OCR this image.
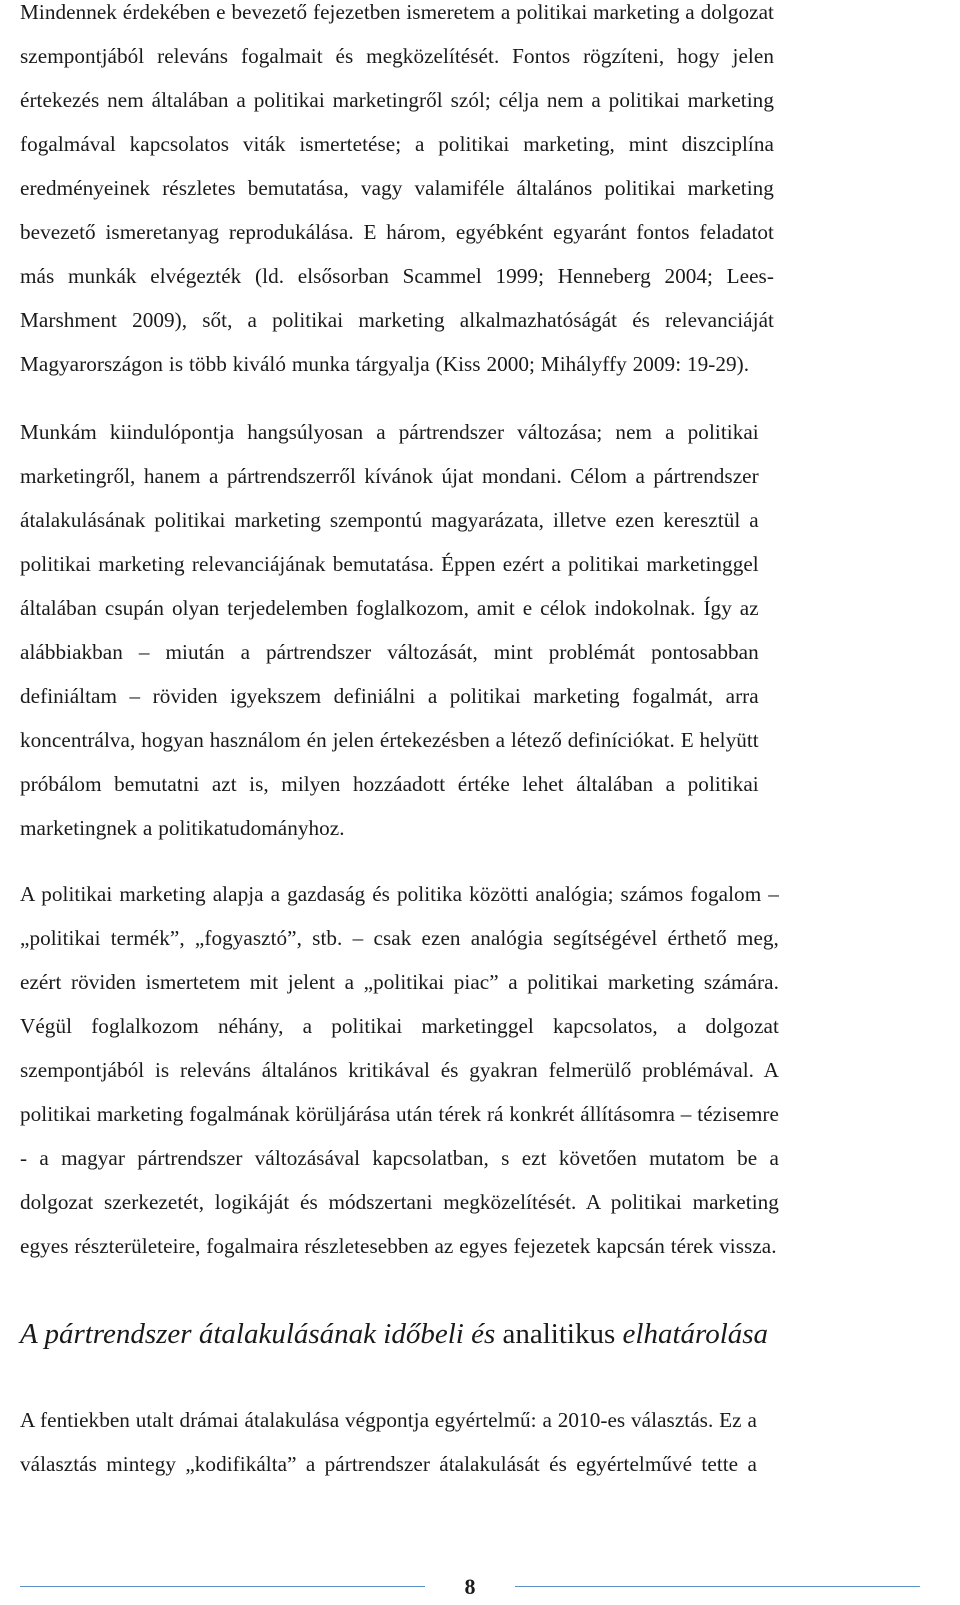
Mindennek érdekében e bevezető fejezetben ismeretem a politikai marketing a dolgozat
szempontjából releváns fogalmait és megközelítését. Fontos rögzíteni, hogy jelen
értekezés nem általában a politikai marketingről szól; célja nem a politikai marketing
fogalmával kapcsolatos viták ismertetése; a politikai marketing, mint diszciplína
eredményeinek részletes bemutatása, vagy valamiféle általános politikai marketing
bevezető ismeretanyag reprodukálása. E három, egyébként egyaránt fontos feladatot
más munkák elvégezték (ld. elsősorban Scammel 1999; Henneberg 2004; Lees-
Marshment 2009), sőt, a politikai marketing alkalmazhatóságát és relevanciáját
Magyarországon is több kiváló munka tárgyalja (Kiss 2000; Mihályffy 2009: 19-29).
Munkám kiindulópontja hangsúlyosan a pártrendszer változása; nem a politikai
marketingről, hanem a pártrendszerről kívánok újat mondani. Célom a pártrendszer
átalakulásának politikai marketing szempontú magyarázata, illetve ezen keresztül a
politikai marketing relevanciájának bemutatása. Éppen ezért a politikai marketinggel
általában csupán olyan terjedelemben foglalkozom, amit e célok indokolnak. Így az
alábbiakban – miután a pártrendszer változását, mint problémát pontosabban
definiáltam – röviden igyekszem definiálni a politikai marketing fogalmát, arra
koncentrálva, hogyan használom én jelen értekezésben a létező definíciókat. E helyütt
próbálom bemutatni azt is, milyen hozzáadott értéke lehet általában a politikai
marketingnek a politikatudományhoz.
A politikai marketing alapja a gazdaság és politika közötti analógia; számos fogalom –
„politikai termék”, „fogyasztó”, stb. – csak ezen analógia segítségével érthető meg,
ezért röviden ismertetem mit jelent a „politikai piac” a politikai marketing számára.
Végül foglalkozom néhány, a politikai marketinggel kapcsolatos, a dolgozat
szempontjából is releváns általános kritikával és gyakran felmerülő problémával. A
politikai marketing fogalmának körüljárása után térek rá konkrét állításomra – tézisemre
- a magyar pártrendszer változásával kapcsolatban, s ezt követően mutatom be a
dolgozat szerkezetét, logikáját és módszertani megközelítését. A politikai marketing
egyes részterületeire, fogalmaira részletesebben az egyes fejezetek kapcsán térek vissza.
A pártrendszer átalakulásának időbeli és analitikus elhatárolása
A fentiekben utalt drámai átalakulása végpontja egyértelmű: a 2010-es választás. Ez a
választás mintegy „kodifikálta” a pártrendszer átalakulását és egyértelművé tette a
8
